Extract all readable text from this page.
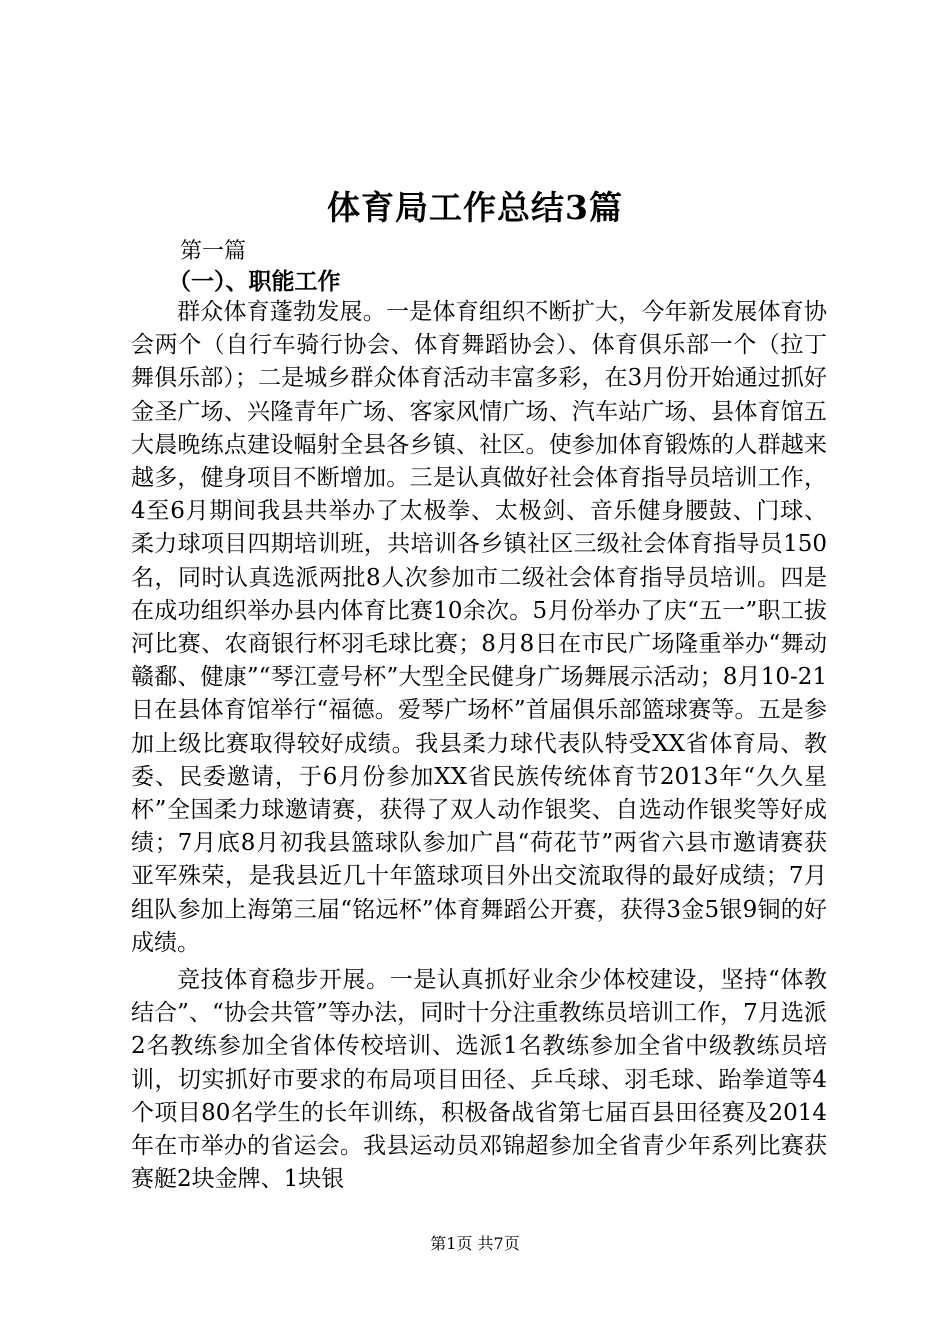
体育局工作总结3篇
第一篇
（一）、职能工作

群众体育蓬勃发展。一是体育组织不断扩大，今年新发展体育协会两个（自行车骑行协会、体育舞蹈协会）、体育俱乐部一个（拉丁舞俱乐部）；二是城乡群众体育活动丰富多彩，在3月份开始通过抓好金圣广场、兴隆青年广场、客家风情广场、汽车站广场、县体育馆五大晨晚练点建设幅射全县各乡镇、社区。使参加体育锻炼的人群越来越多，健身项目不断增加。三是认真做好社会体育指导员培训工作，4至6月期间我县共举办了太极拳、太极剑、音乐健身腰鼓、门球、柔力球项目四期培训班，共培训各乡镇社区三级社会体育指导员150名，同时认真选派两批8人次参加市二级社会体育指导员培训。四是在成功组织举办县内体育比赛10余次。5月份举办了庆“五一”职工拔河比赛、农商银行杯羽毛球比赛；8月8日在市民广场隆重举办“舞动赣鄱、健康”“琴江壹号杯”大型全民健身广场舞展示活动；8月10-21日在县体育馆举行“福德。爱琴广场杯”首届俱乐部篮球赛等。五是参加上级比赛取得较好成绩。我县柔力球代表队特受XX省体育局、教委、民委邀请，于6月份参加XX省民族传统体育节2013年“久久星杯”全国柔力球邀请赛，获得了双人动作银奖、自选动作银奖等好成绩；7月底8月初我县篮球队参加广昌“荷花节”两省六县市邀请赛获亚军殊荣，是我县近几十年篮球项目外出交流取得的最好成绩；7月组队参加上海第三届“铭远杯”体育舞蹈公开赛，获得3金5银9铜的好成绩。

竞技体育稳步开展。一是认真抓好业余少体校建设，坚持“体教结合”、“协会共管”等办法，同时十分注重教练员培训工作，7月选派2名教练参加全省体传校培训、选派1名教练参加全省中级教练员培训，切实抓好市要求的布局项目田径、乒乓球、羽毛球、跆拳道等4个项目80名学生的长年训练，积极备战省第七届百县田径赛及2014年在市举办的省运会。我县运动员邓锦超参加全省青少年系列比赛获赛艇2块金牌、1块银

第1页 共7页
